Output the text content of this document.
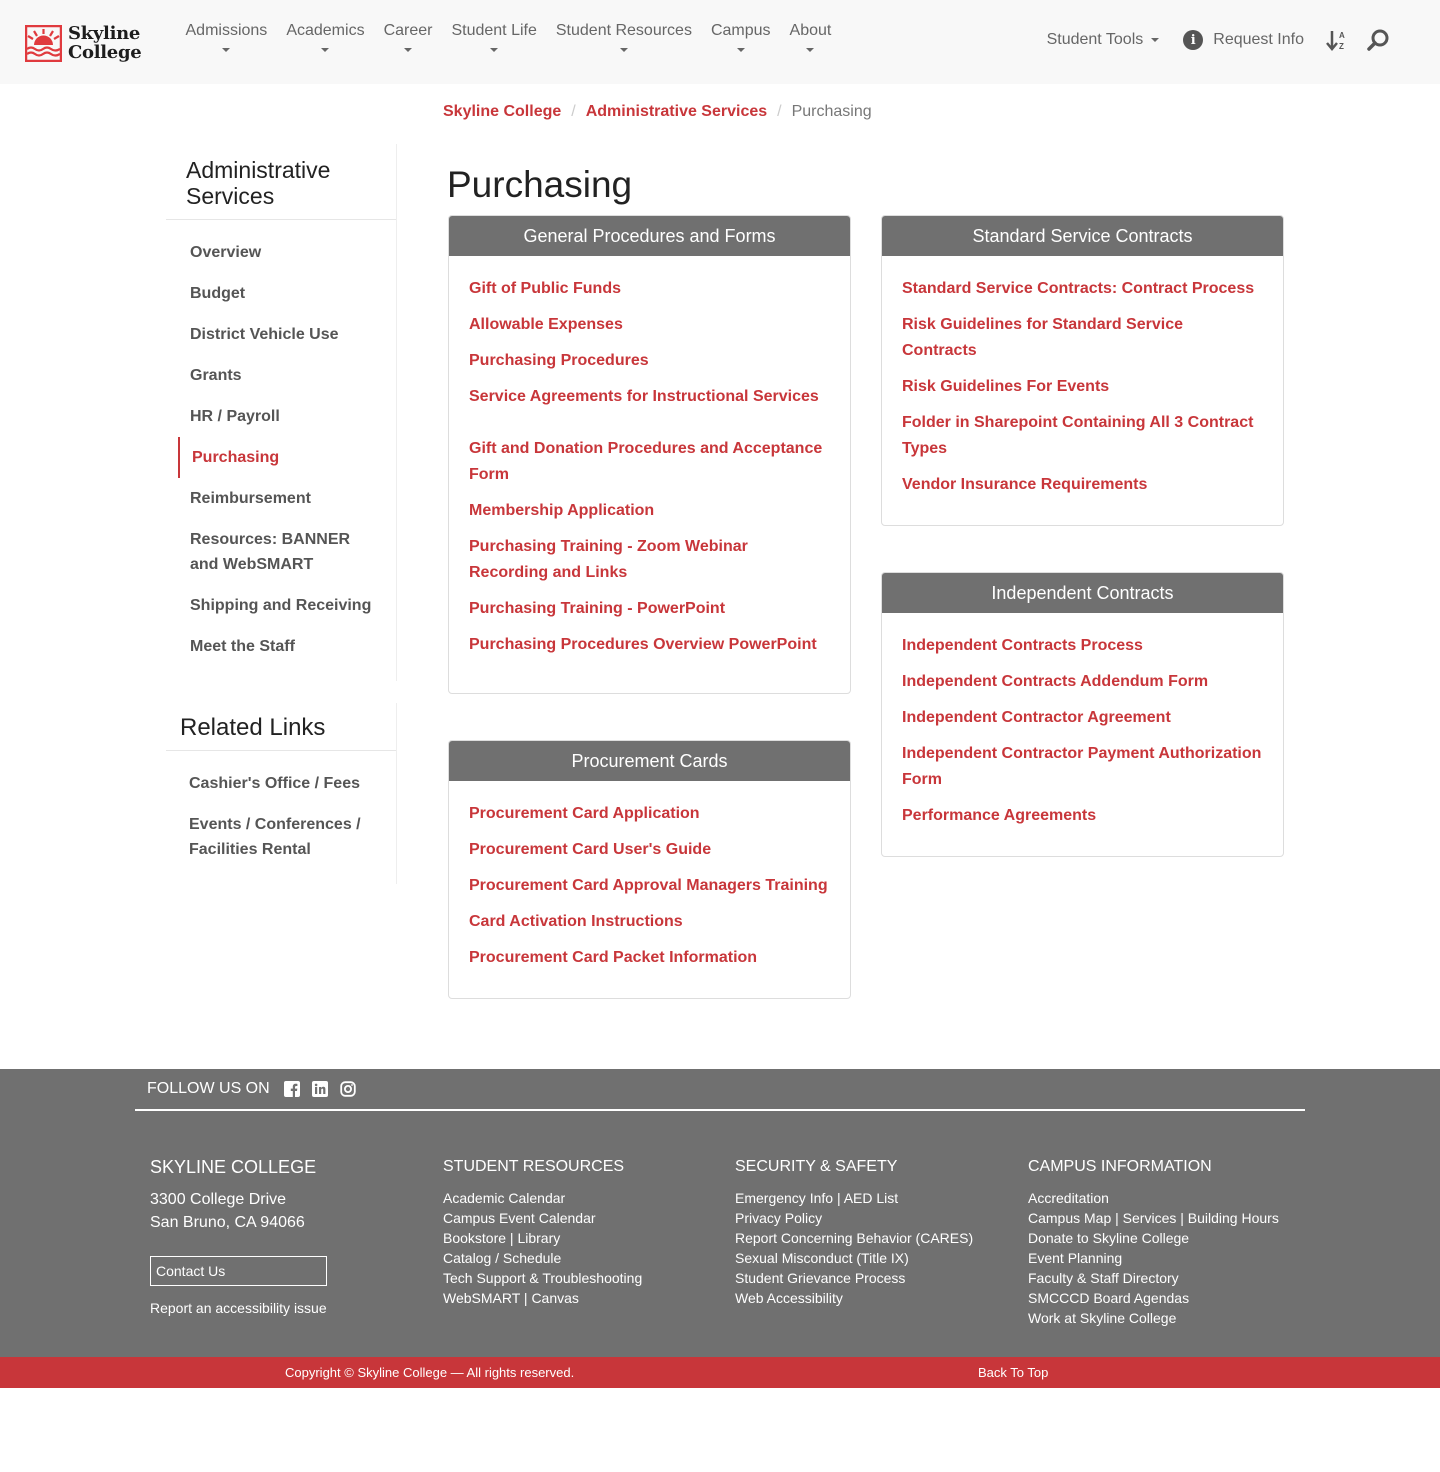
Skyline
College
Admissions	Academics	Career	Student Life	Student Resources	Campus	About
Student Tools	i	Request Info	A
Z
Skyline College / Administrative Services / Purchasing
Administrative Services
Overview
Budget
District Vehicle Use
Grants
HR / Payroll
Purchasing
Reimbursement
Resources: BANNER and WebSMART
Shipping and Receiving
Meet the Staff
Related Links
Cashier's Office / Fees
Events / Conferences / Facilities Rental
Purchasing
General Procedures and Forms
Gift of Public Funds
Allowable Expenses
Purchasing Procedures
Service Agreements for Instructional Services
Gift and Donation Procedures and Acceptance Form
Membership Application
Purchasing Training - Zoom Webinar Recording and Links
Purchasing Training - PowerPoint
Purchasing Procedures Overview PowerPoint
Standard Service Contracts
Standard Service Contracts: Contract Process
Risk Guidelines for Standard Service Contracts
Risk Guidelines For Events
Folder in Sharepoint Containing All 3 Contract Types
Vendor Insurance Requirements
Procurement Cards
Procurement Card Application
Procurement Card User's Guide
Procurement Card Approval Managers Training
Card Activation Instructions
Procurement Card Packet Information
Independent Contracts
Independent Contracts Process
Independent Contracts Addendum Form
Independent Contractor Agreement
Independent Contractor Payment Authorization Form
Performance Agreements
FOLLOW US ON
SKYLINE COLLEGE
3300 College Drive
San Bruno, CA 94066
Contact Us
Report an accessibility issue
STUDENT RESOURCES
Academic Calendar
Campus Event Calendar
Bookstore | Library
Catalog / Schedule
Tech Support & Troubleshooting
WebSMART | Canvas
SECURITY & SAFETY
Emergency Info | AED List
Privacy Policy
Report Concerning Behavior (CARES)
Sexual Misconduct (Title IX)
Student Grievance Process
Web Accessibility
CAMPUS INFORMATION
Accreditation
Campus Map | Services | Building Hours
Donate to Skyline College
Event Planning
Faculty & Staff Directory
SMCCCD Board Agendas
Work at Skyline College
Copyright © Skyline College — All rights reserved.	Back To Top
